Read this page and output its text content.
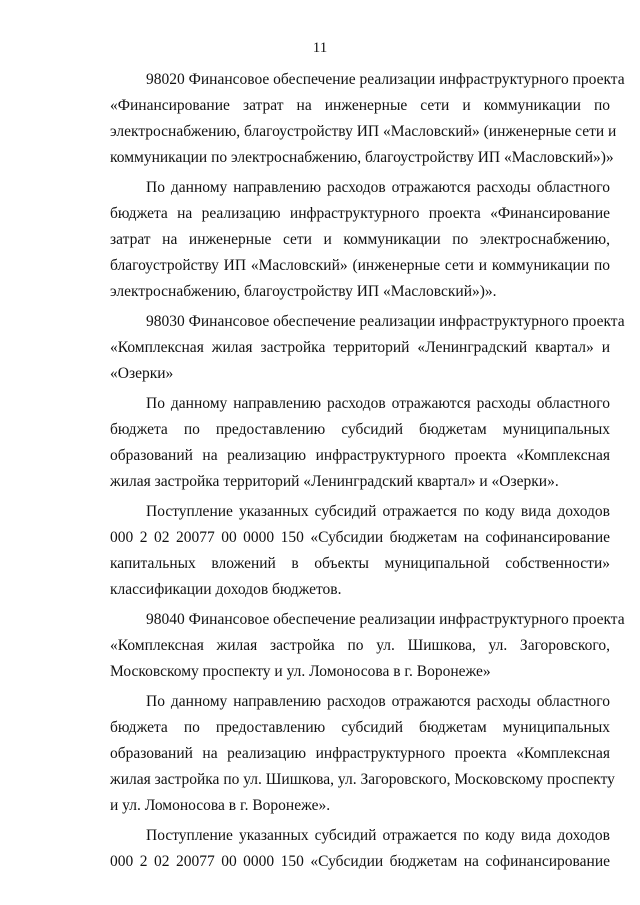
11
98020 Финансовое обеспечение реализации инфраструктурного проекта
«Финансирование затрат на инженерные сети и коммуникации по
электроснабжению, благоустройству ИП «Масловский» (инженерные сети и
коммуникации по электроснабжению, благоустройству ИП «Масловский»)»
По данному направлению расходов отражаются расходы областного
бюджета на реализацию инфраструктурного проекта «Финансирование
затрат на инженерные сети и коммуникации по электроснабжению,
благоустройству ИП «Масловский» (инженерные сети и коммуникации по
электроснабжению, благоустройству ИП «Масловский»)».
98030 Финансовое обеспечение реализации инфраструктурного проекта
«Комплексная жилая застройка территорий «Ленинградский квартал» и
«Озерки»
По данному направлению расходов отражаются расходы областного
бюджета по предоставлению субсидий бюджетам муниципальных
образований на реализацию инфраструктурного проекта «Комплексная
жилая застройка территорий «Ленинградский квартал» и «Озерки».
Поступление указанных субсидий отражается по коду вида доходов
000 2 02 20077 00 0000 150 «Субсидии бюджетам на софинансирование
капитальных вложений в объекты муниципальной собственности»
классификации доходов бюджетов.
98040 Финансовое обеспечение реализации инфраструктурного проекта
«Комплексная жилая застройка по ул. Шишкова, ул. Загоровского,
Московскому проспекту и ул. Ломоносова в г. Воронеже»
По данному направлению расходов отражаются расходы областного
бюджета по предоставлению субсидий бюджетам муниципальных
образований на реализацию инфраструктурного проекта «Комплексная
жилая застройка по ул. Шишкова, ул. Загоровского, Московскому проспекту
и ул. Ломоносова в г. Воронеже».
Поступление указанных субсидий отражается по коду вида доходов
000 2 02 20077 00 0000 150 «Субсидии бюджетам на софинансирование
